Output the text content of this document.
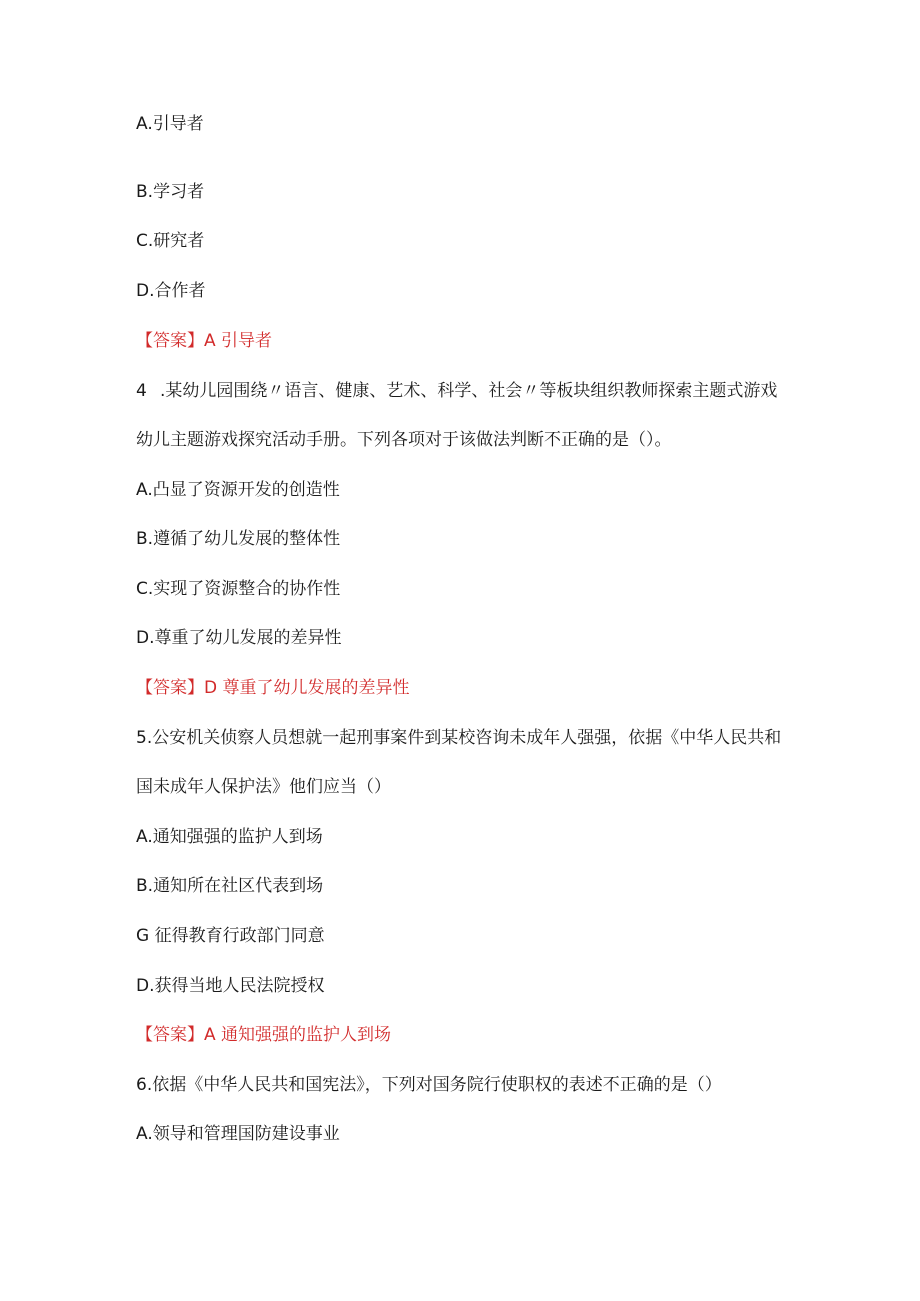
A.引导者
B.学习者
C.研究者
D.合作者
【答案】A 引导者
4 .某幼儿园围绕〃语言、健康、艺术、科学、社会〃等板块组织教师探索主题式游戏
幼儿主题游戏探究活动手册。下列各项对于该做法判断不正确的是（）。
A.凸显了资源开发的创造性
B.遵循了幼儿发展的整体性
C.实现了资源整合的协作性
D.尊重了幼儿发展的差异性
【答案】D 尊重了幼儿发展的差异性
5.公安机关侦察人员想就一起刑事案件到某校咨询未成年人强强，依据《中华人民共和
国未成年人保护法》他们应当（）
A.通知强强的监护人到场
B.通知所在社区代表到场
G 征得教育行政部门同意
D.获得当地人民法院授权
【答案】A 通知强强的监护人到场
6.依据《中华人民共和国宪法》，下列对国务院行使职权的表述不正确的是（）
A.领导和管理国防建设事业
